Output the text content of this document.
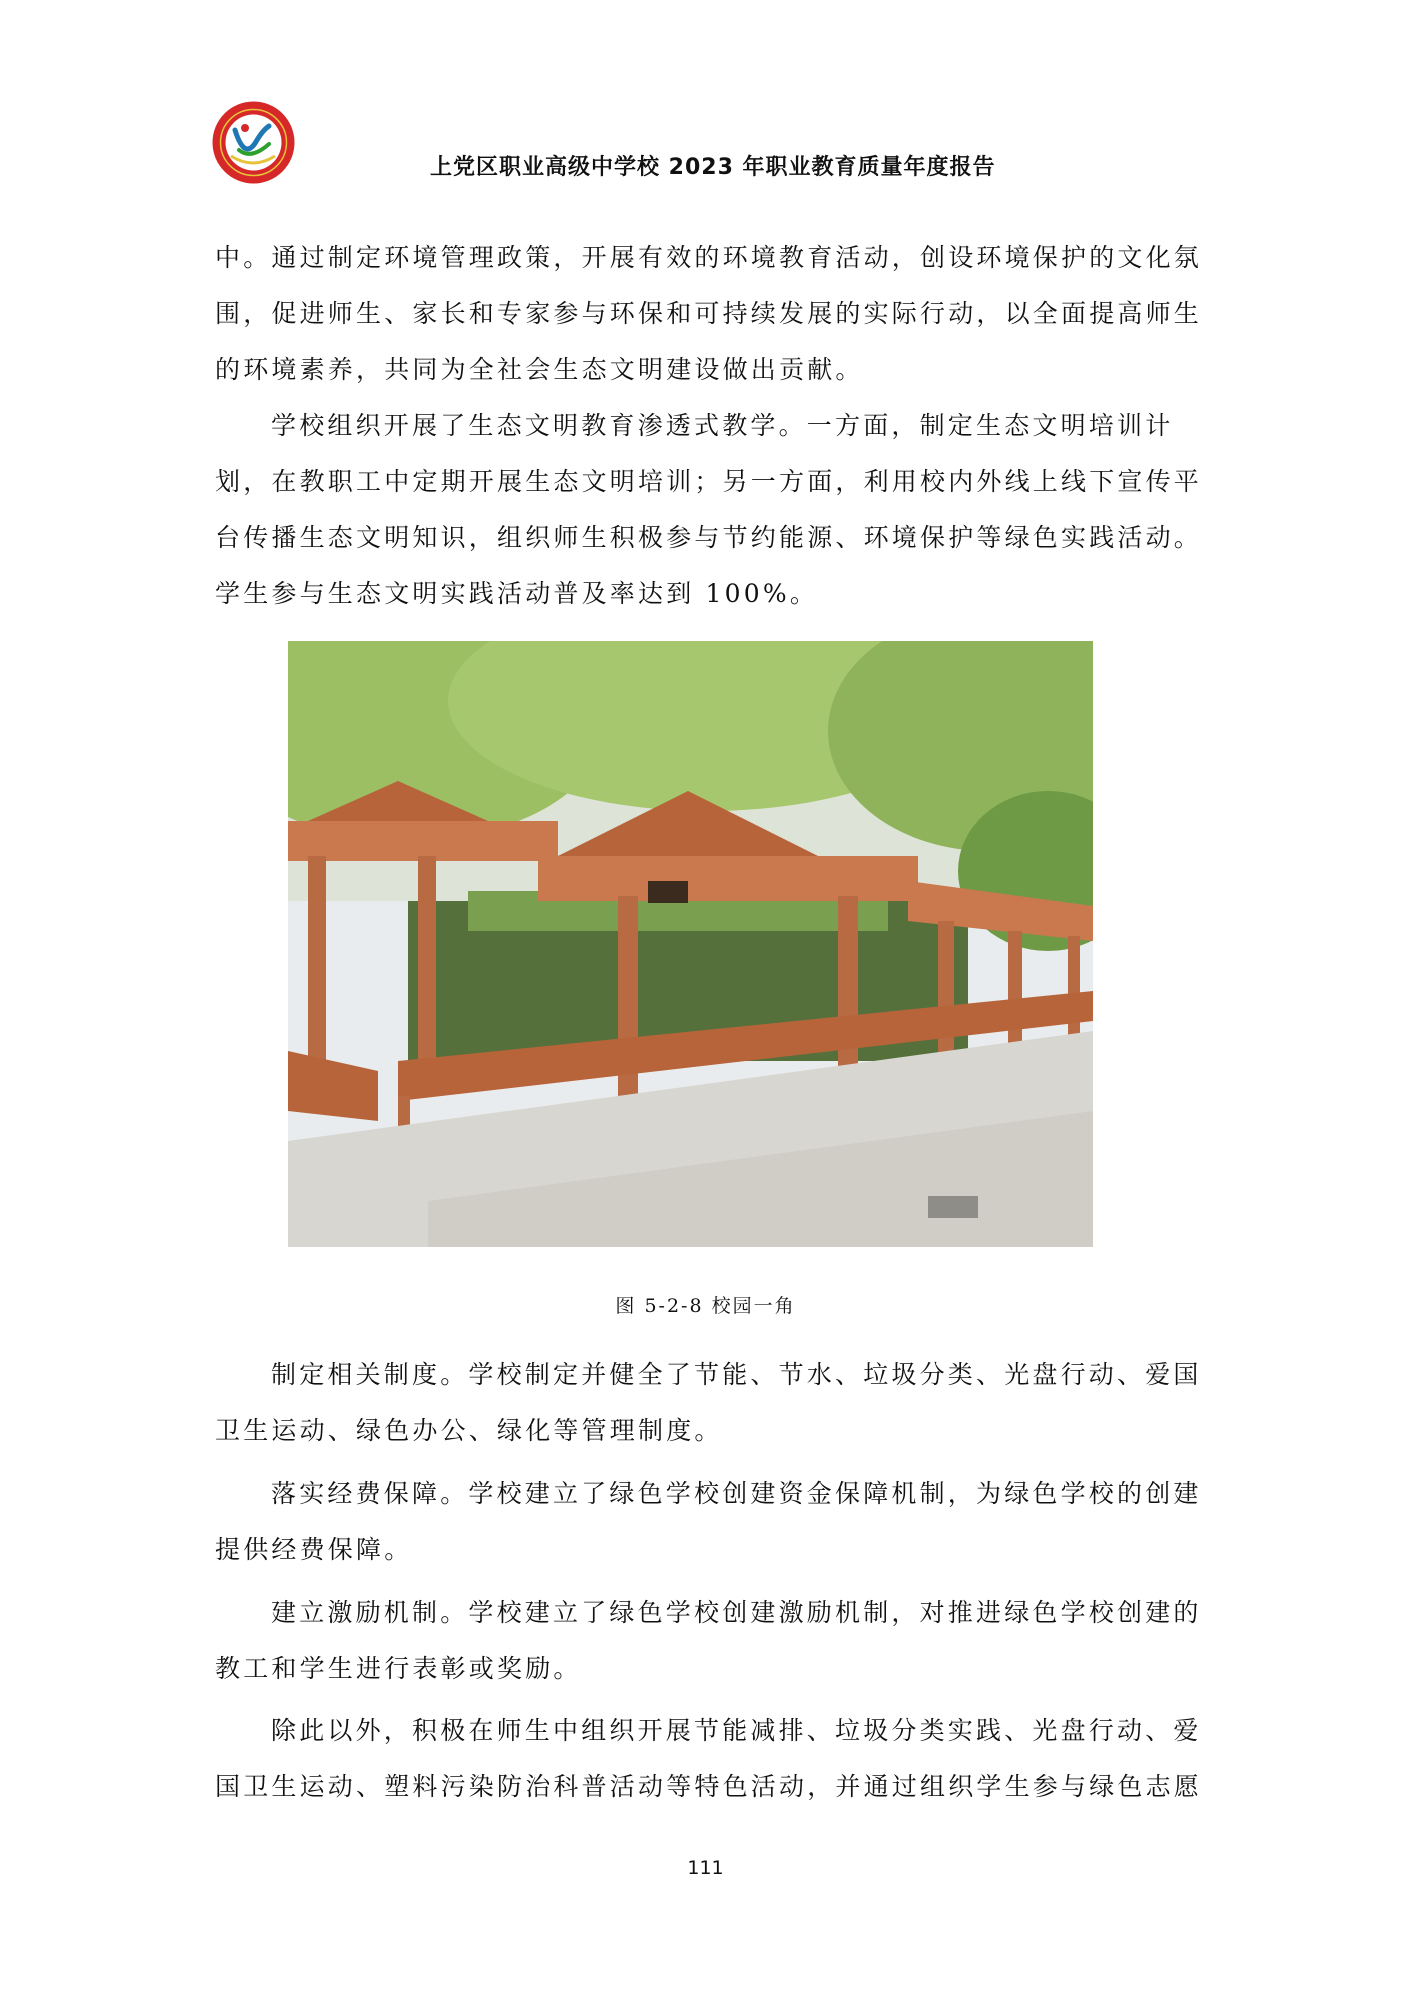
上党区职业高级中学校 2023 年职业教育质量年度报告

中。通过制定环境管理政策，开展有效的环境教育活动，创设环境保护的文化氛围，促进师生、家长和专家参与环保和可持续发展的实际行动，以全面提高师生的环境素养，共同为全社会生态文明建设做出贡献。

学校组织开展了生态文明教育渗透式教学。一方面，制定生态文明培训计划，在教职工中定期开展生态文明培训；另一方面，利用校内外线上线下宣传平台传播生态文明知识，组织师生积极参与节约能源、环境保护等绿色实践活动。学生参与生态文明实践活动普及率达到 100%。

图 5-2-8 校园一角

制定相关制度。学校制定并健全了节能、节水、垃圾分类、光盘行动、爱国卫生运动、绿色办公、绿化等管理制度。

落实经费保障。学校建立了绿色学校创建资金保障机制，为绿色学校的创建提供经费保障。

建立激励机制。学校建立了绿色学校创建激励机制，对推进绿色学校创建的教工和学生进行表彰或奖励。

除此以外，积极在师生中组织开展节能减排、垃圾分类实践、光盘行动、爱国卫生运动、塑料污染防治科普活动等特色活动，并通过组织学生参与绿色志愿

111
